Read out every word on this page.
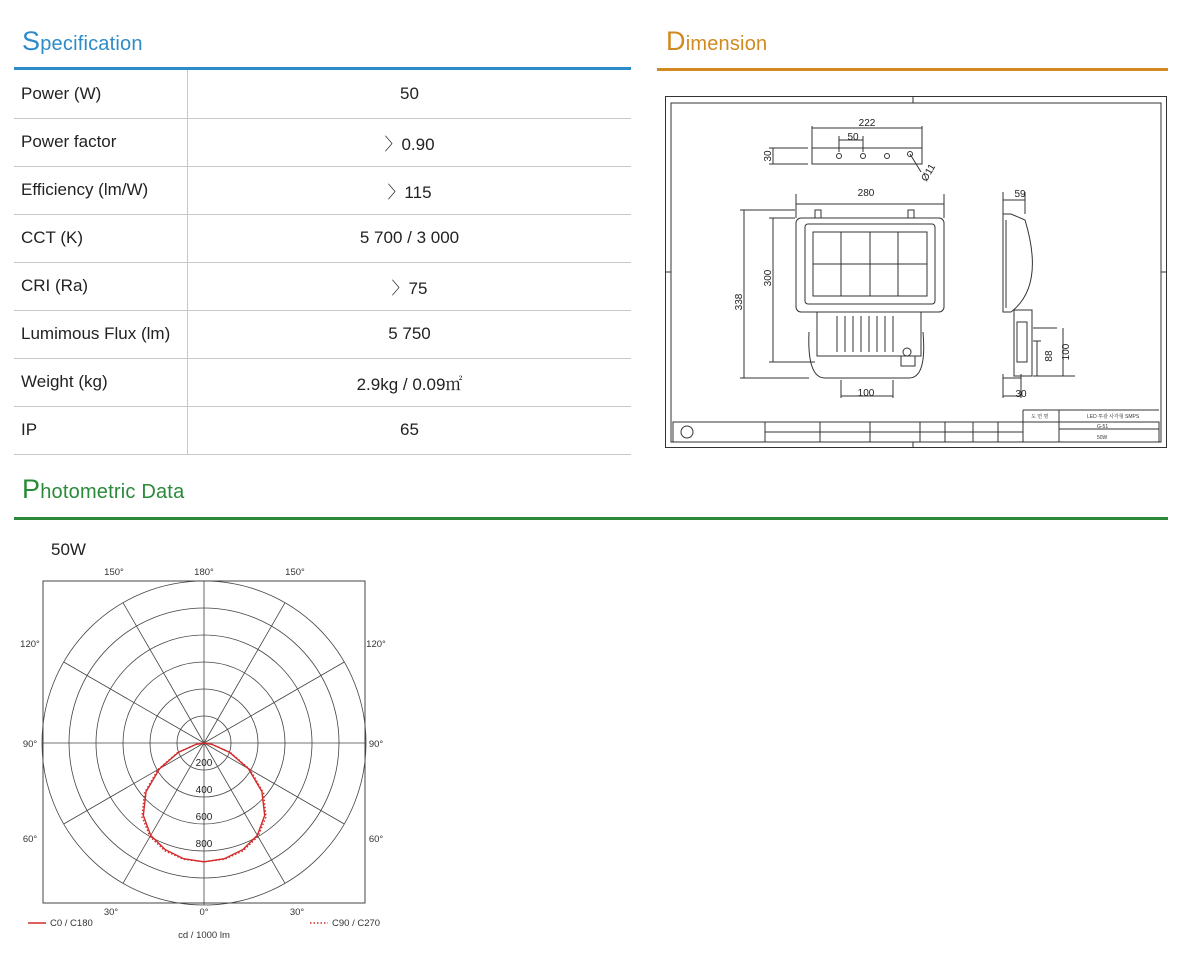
Specification
Power (W)	50
Power factor	〉0.90
Efficiency (lm/W)	〉115
CCT (K)	5 700 / 3 000
CRI (Ra)	〉75
Lumimous Flux (lm)	5 750
Weight (kg)	2.9kg / 0.09㎡
IP	65
Dimension
222
50
30
Ø11
280
300
338
100
59
88 100
30
LED 투광 사각형 SMPS
G-51
50W
도 면 명
Photometric Data
50W
200
400
600
800
180°
150°	150°
120°	120°
90°	90°
60°	60°
30°	30°
0°
C0 / C180	C90 / C270
cd / 1000 lm
